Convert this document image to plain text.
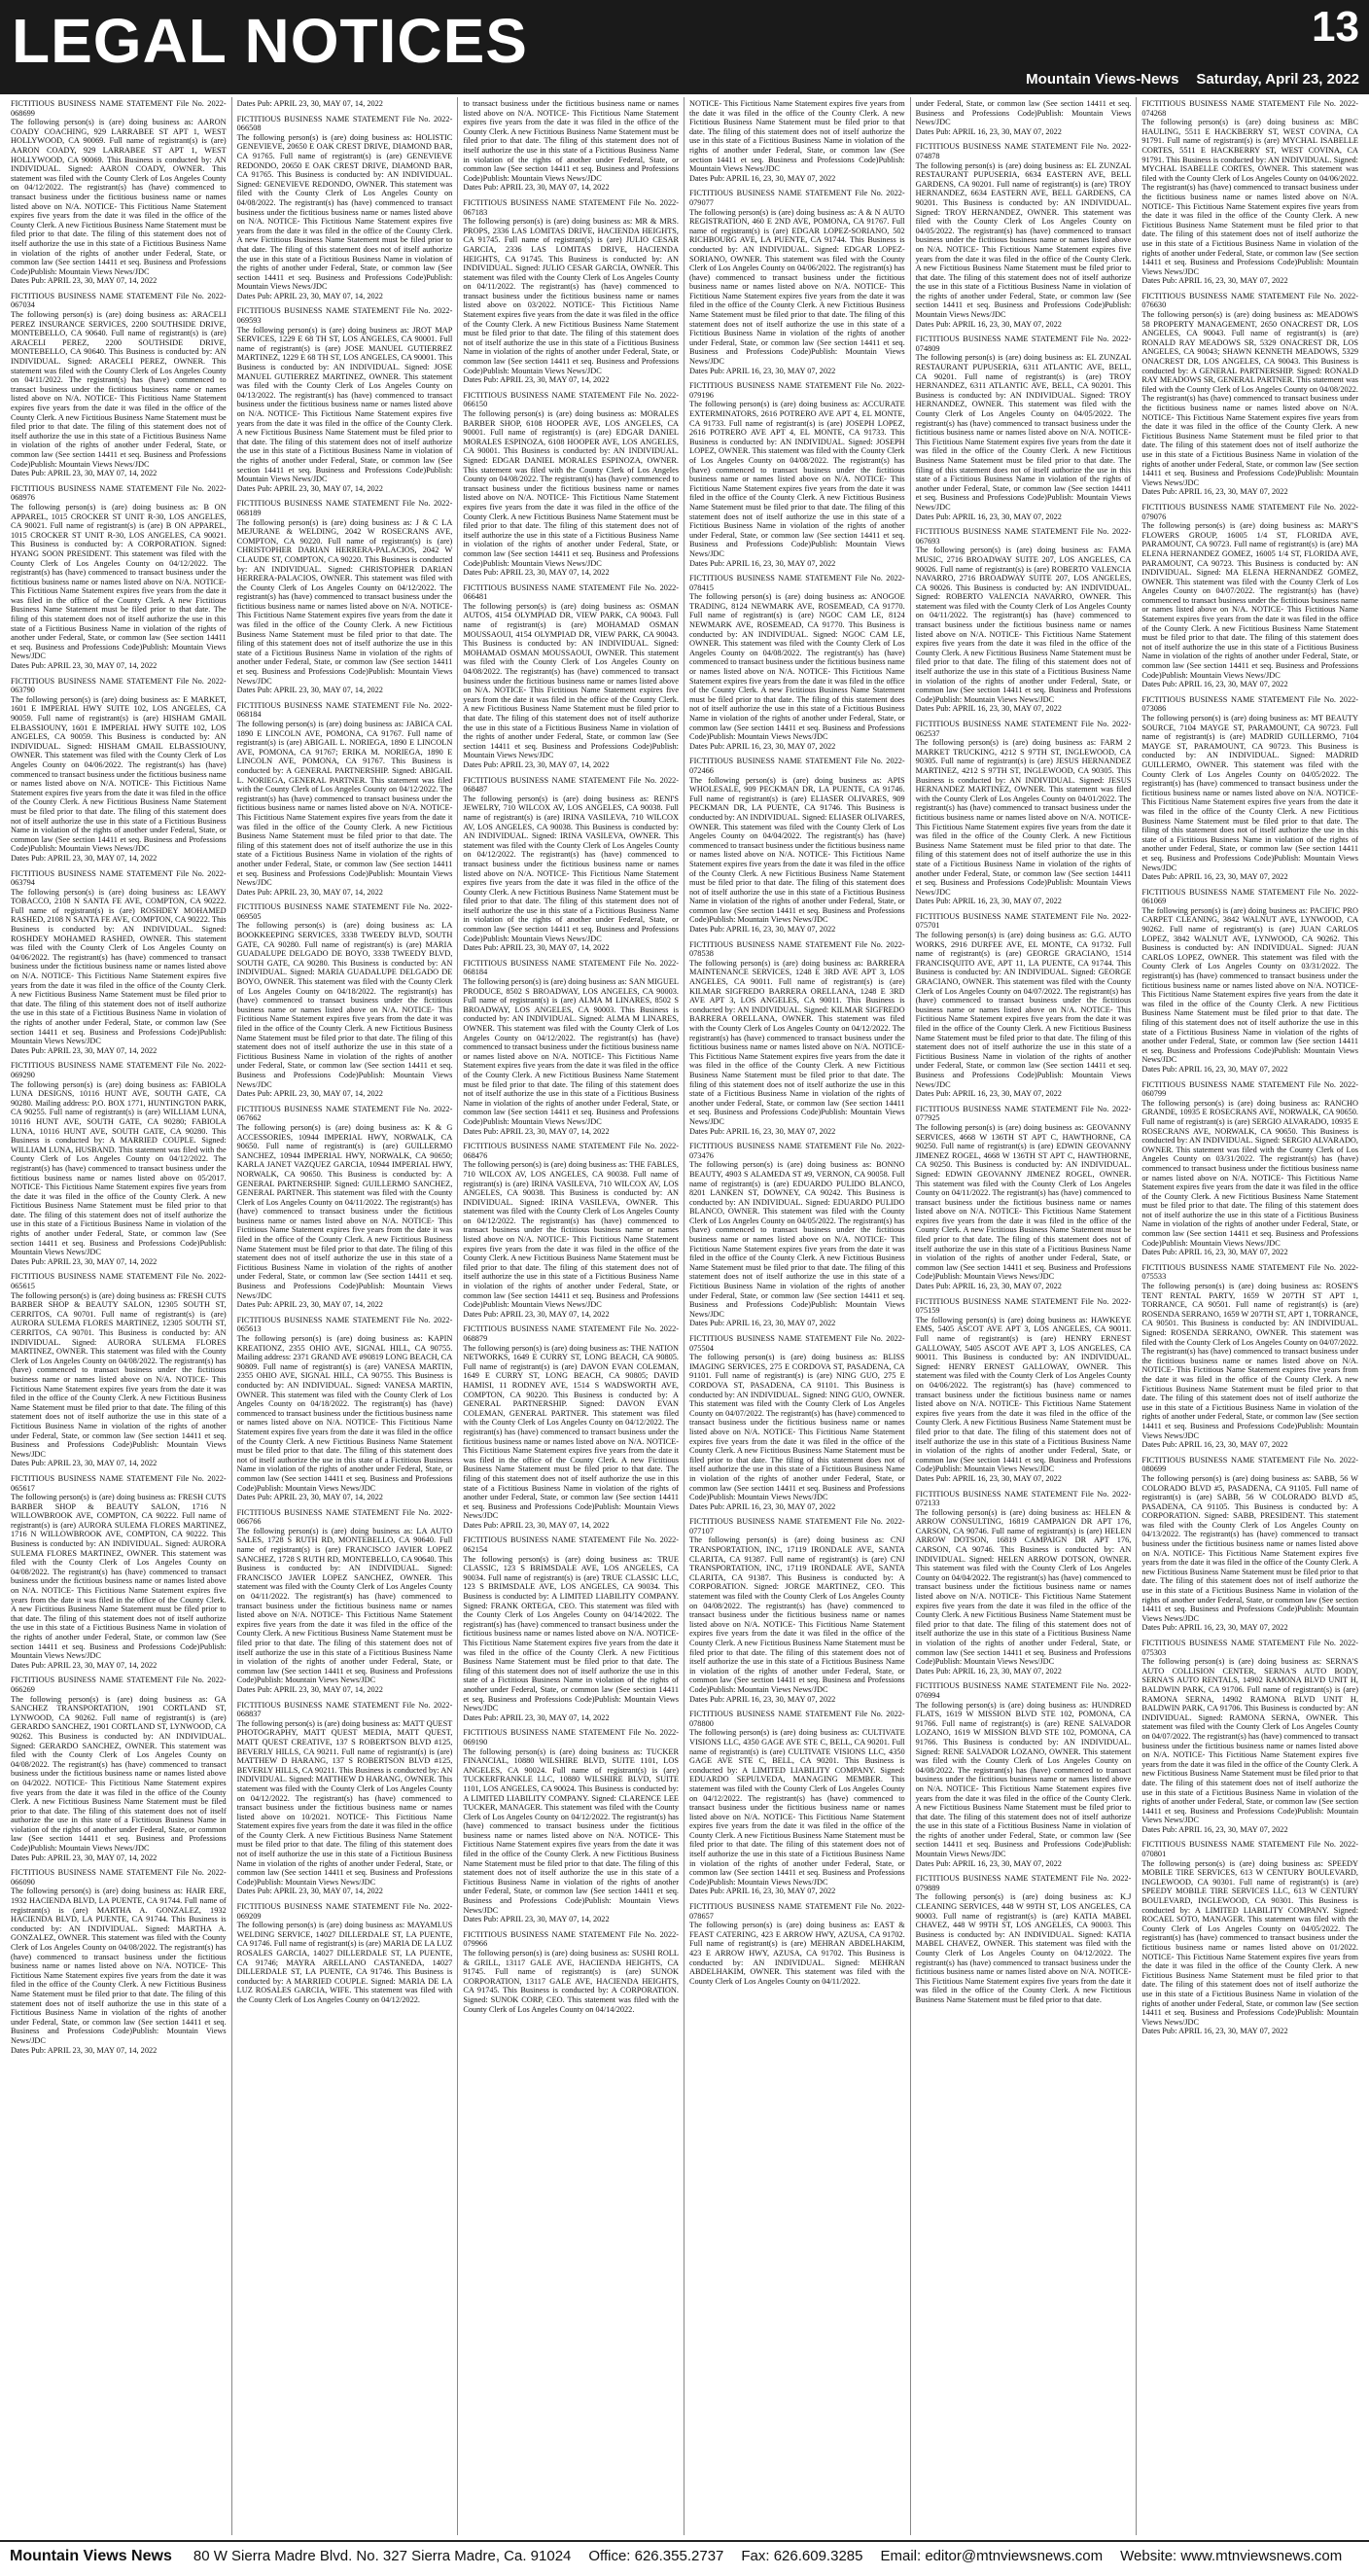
LEGAL NOTICES	13
Mountain Views-News Saturday, April 23, 2022
FICTITIOUS BUSINESS NAME STATEMENT File No. 2022-068699
The following person(s) is (are) doing business as: AARON COADY COACHING, 929 LARRABEE ST APT 1, WEST HOLLYWOOD, CA 90069. Full name of registrant(s) is (are) AARON COADY, 929 LARRABEE ST APT 1, WEST HOLLYWOOD, CA 90069. This Business is conducted by: AN INDIVIDUAL. Signed: AARON COADY, OWNER. This statement was filed with the County Clerk of Los Angeles County on 04/12/2022. The registrant(s) has (have) commenced to transact business under the fictitious business name or names listed above on N/A. NOTICE- This Fictitious Name Statement expires five years from the date it was filed in the office of the County Clerk. A new Fictitious Business Name Statement must be filed prior to that date. The filing of this statement does not of itself authorize the use in this state of a Fictitious Business Name in violation of the rights of another under Federal, State, or common law (See section 14411 et seq. Business and Professions Code)Publish: Mountain Views News/JDC
Dates Pub: APRIL 23, 30, MAY 07, 14, 2022
FICTITIOUS BUSINESS NAME STATEMENT File No. 2022-067034
The following person(s) is (are) doing business as: ARACELI PEREZ INSURANCE SERVICES, 2200 SOUTHSIDE DRIVE, MONTEBELLO, CA 90640. Full name of registrant(s) is (are) ARACELI PEREZ, 2200 SOUTHSIDE DRIVE, MONTEBELLO, CA 90640. This Business is conducted by: AN INDIVIDUAL. Signed: ARACELI PEREZ, OWNER. This statement was filed with the County Clerk of Los Angeles County on 04/11/2022. The registrant(s) has (have) commenced to transact business under the fictitious business name or names listed above on N/A. NOTICE- This Fictitious Name Statement expires five years from the date it was filed in the office of the County Clerk. A new Fictitious Business Name Statement must be filed prior to that date. The filing of this statement does not of itself authorize the use in this state of a Fictitious Business Name in violation of the rights of another under Federal, State, or common law (See section 14411 et seq. Business and Professions Code)Publish: Mountain Views News/JDC
Dates Pub: APRIL 23, 30, MAY 07, 14, 2022
FICTITIOUS BUSINESS NAME STATEMENT File No. 2022-068976
The following person(s) is (are) doing business as: B ON APPAREL, 1015 CROCKER ST UNIT R-30, LOS ANGELES, CA 90021. Full name of registrant(s) is (are) B ON APPAREL, 1015 CROCKER ST UNIT R-30, LOS ANGELES, CA 90021. This Business is conducted by: A CORPORATION. Signed: HYANG SOON PRESIDENT. This statement was filed with the County Clerk of Los Angeles County on 04/12/2022. The registrant(s) has (have) commenced to transact business under the fictitious business name or names listed above on N/A. NOTICE- This Fictitious Name Statement expires five years from the date it was filed in the office of the County Clerk. A new Fictitious Business Name Statement must be filed prior to that date. The filing of this statement does not of itself authorize the use in this state of a Fictitious Business Name in violation of the rights of another under Federal, State, or common law (See section 14411 et seq. Business and Professions Code)Publish: Mountain Views News/JDC
Dates Pub: APRIL 23, 30, MAY 07, 14, 2022
FICTITIOUS BUSINESS NAME STATEMENT File No. 2022-063790
The following person(s) is (are) doing business as: E MARKET, 1601 E IMPERIAL HWY SUITE 102, LOS ANGELES, CA 90059. Full name of registrant(s) is (are) HISHAM GMAIL ELBASSIOUNY, 1601 E IMPERIAL HWY SUITE 102, LOS ANGELES, CA 90059. This Business is conducted by: AN INDIVIDUAL. Signed: HISHAM GMAIL ELBASSIOUNY, OWNER. This statement was filed with the County Clerk of Los Angeles County on 04/06/2022. The registrant(s) has (have) commenced to transact business under the fictitious business name or names listed above on N/A. NOTICE- This Fictitious Name Statement expires five years from the date it was filed in the office of the County Clerk. A new Fictitious Business Name Statement must be filed prior to that date. The filing of this statement does not of itself authorize the use in this state of a Fictitious Business Name in violation of the rights of another under Federal, State, or common law (See section 14411 et seq. Business and Professions Code)Publish: Mountain Views News/JDC
Dates Pub: APRIL 23, 30, MAY 07, 14, 2022
FICTITIOUS BUSINESS NAME STATEMENT File No. 2022-063794
The following person(s) is (are) doing business as: LEAWY TOBACCO, 2108 N SANTA FE AVE, COMPTON, CA 90222. Full name of registrant(s) is (are) ROSHDEY MOHAMED RASHED, 2108 N SANTA FE AVE, COMPTON, CA 90222. This Business is conducted by: AN INDIVIDUAL. Signed: ROSHDEY MOHAMED RASHED, OWNER. This statement was filed with the County Clerk of Los Angeles County on 04/06/2022. The registrant(s) has (have) commenced to transact business under the fictitious business name or names listed above on N/A. NOTICE- This Fictitious Name Statement expires five years from the date it was filed in the office of the County Clerk. A new Fictitious Business Name Statement must be filed prior to that date. The filing of this statement does not of itself authorize the use in this state of a Fictitious Business Name in violation of the rights of another under Federal, State, or common law (See section 14411 et seq. Business and Professions Code)Publish: Mountain Views News/JDC
Dates Pub: APRIL 23, 30, MAY 07, 14, 2022
FICTITIOUS BUSINESS NAME STATEMENT File No. 2022-069290
The following person(s) is (are) doing business as: FABIOLA LUNA DESIGNS, 10116 HUNT AVE, SOUTH GATE, CA 90280. Mailing address: P.O. BOX 1771, HUNTINGTON PARK, CA 90255. Full name of registrant(s) is (are) WILLIAM LUNA, 10116 HUNT AVE, SOUTH GATE, CA 90280; FABIOLA LUNA, 10116 HUNT AVE, SOUTH GATE, CA 90280. This Business is conducted by: A MARRIED COUPLE. Signed: WILLIAM LUNA, HUSBAND. This statement was filed with the County Clerk of Los Angeles County on 04/12/2022. The registrant(s) has (have) commenced to transact business under the fictitious business name or names listed above on 05/2017. NOTICE- This Fictitious Name Statement expires five years from the date it was filed in the office of the County Clerk. A new Fictitious Business Name Statement must be filed prior to that date. The filing of this statement does not of itself authorize the use in this state of a Fictitious Business Name in violation of the rights of another under Federal, State, or common law (See section 14411 et seq. Business and Professions Code)Publish: Mountain Views News/JDC
Dates Pub: APRIL 23, 30, MAY 07, 14, 2022
FICTITIOUS BUSINESS NAME STATEMENT File No. 2022-065615
The following person(s) is (are) doing business as: FRESH CUTS BARBER SHOP & BEAUTY SALON, 12305 SOUTH ST, CERRITOS, CA 90701. Full name of registrant(s) is (are) AURORA SULEMA FLORES MARTINEZ, 12305 SOUTH ST, CERRITOS, CA 90701. This Business is conducted by: AN INDIVIDUAL. Signed: AURORA SULEMA FLORES MARTINEZ, OWNER. This statement was filed with the County Clerk of Los Angeles County on 04/08/2022. The registrant(s) has (have) commenced to transact business under the fictitious business name or names listed above on N/A. NOTICE- This Fictitious Name Statement expires five years from the date it was filed in the office of the County Clerk. A new Fictitious Business Name Statement must be filed prior to that date. The filing of this statement does not of itself authorize the use in this state of a Fictitious Business Name in violation of the rights of another under Federal, State, or common law (See section 14411 et seq. Business and Professions Code)Publish: Mountain Views News/JDC
Dates Pub: APRIL 23, 30, MAY 07, 14, 2022
FICTITIOUS BUSINESS NAME STATEMENT File No. 2022-065617
The following person(s) is (are) doing business as: FRESH CUTS BARBER SHOP & BEAUTY SALON, 1716 N WILLOWBROOK AVE, COMPTON, CA 90222. Full name of registrant(s) is (are) AURORA SULEMA FLORES MARTINEZ, 1716 N WILLOWBROOK AVE, COMPTON, CA 90222. This Business is conducted by: AN INDIVIDUAL. Signed: AURORA SULEMA FLORES MARTINEZ, OWNER. This statement was filed with the County Clerk of Los Angeles County on 04/08/2022. The registrant(s) has (have) commenced to transact business under the fictitious business name or names listed above on N/A. NOTICE- This Fictitious Name Statement expires five years from the date it was filed in the office of the County Clerk. A new Fictitious Business Name Statement must be filed prior to that date. The filing of this statement does not of itself authorize the use in this state of a Fictitious Business Name in violation of the rights of another under Federal, State, or common law (See section 14411 et seq. Business and Professions Code)Publish: Mountain Views News/JDC
Dates Pub: APRIL 23, 30, MAY 07, 14, 2022
FICTITIOUS BUSINESS NAME STATEMENT File No. 2022-066269
The following person(s) is (are) doing business as: GA SANCHEZ TRANSPORTATION, 1901 CORTLAND ST, LYNWOOD, CA 90262. Full name of registrant(s) is (are) GERARDO SANCHEZ, 1901 CORTLAND ST, LYNWOOD, CA 90262. This Business is conducted by: AN INDIVIDUAL. Signed: GERARDO SANCHEZ, OWNER. This statement was filed with the County Clerk of Los Angeles County on 04/08/2022. The registrant(s) has (have) commenced to transact business under the fictitious business name or names listed above on 04/2022. NOTICE- This Fictitious Name Statement expires five years from the date it was filed in the office of the County Clerk. A new Fictitious Business Name Statement must be filed prior to that date. The filing of this statement does not of itself authorize the use in this state of a Fictitious Business Name in violation of the rights of another under Federal, State, or common law (See section 14411 et seq. Business and Professions Code)Publish: Mountain Views News/JDC
Dates Pub: APRIL 23, 30, MAY 07, 14, 2022
FICTITIOUS BUSINESS NAME STATEMENT File No. 2022-066090
The following person(s) is (are) doing business as: HAIR ERE, 1932 HACIENDA BLVD, LA PUENTE, CA 91744. Full name of registrant(s) is (are) MARTHA A. GONZALEZ, 1932 HACIENDA BLVD, LA PUENTE, CA 91744. This Business is conducted by: AN INDIVIDUAL. Signed: MARTHA A. GONZALEZ, OWNER. This statement was filed with the County Clerk of Los Angeles County on 04/08/2022. The registrant(s) has (have) commenced to transact business under the fictitious business name or names listed above on N/A. NOTICE- This Fictitious Name Statement expires five years from the date it was filed in the office of the County Clerk. A new Fictitious Business Name Statement must be filed prior to that date. The filing of this statement does not of itself authorize the use in this state of a Fictitious Business Name in violation of the rights of another under Federal, State, or common law (See section 14411 et seq. Business and Professions Code)Publish: Mountain Views News/JDC
Dates Pub: APRIL 23, 30, MAY 07, 14, 2022
Dates Pub: APRIL 23, 30, MAY 07, 14, 2022
FICTITIOUS BUSINESS NAME STATEMENT File No. 2022-066508
The following person(s) is (are) doing business as: HOLISTIC GENEVIEVE, 20650 E OAK CREST DRIVE, DIAMOND BAR, CA 91765. Full name of registrant(s) is (are) GENEVIEVE REDONDO, 20650 E OAK CREST DRIVE, DIAMOND BAR, CA 91765. This Business is conducted by: AN INDIVIDUAL. Signed: GENEVIEVE REDONDO, OWNER. This statement was filed with the County Clerk of Los Angeles County on 04/08/2022. The registrant(s) has (have) commenced to transact business under the fictitious business name or names listed above on N/A. NOTICE- This Fictitious Name Statement expires five years from the date it was filed in the office of the County Clerk. A new Fictitious Business Name Statement must be filed prior to that date. The filing of this statement does not of itself authorize the use in this state of a Fictitious Business Name in violation of the rights of another under Federal, State, or common law (See section 14411 et seq. Business and Professions Code)Publish: Mountain Views News/JDC
Dates Pub: APRIL 23, 30, MAY 07, 14, 2022
FICTITIOUS BUSINESS NAME STATEMENT File No. 2022-069593
The following person(s) is (are) doing business as: JROT MAP SERVICES, 1229 E 68 TH ST, LOS ANGELES, CA 90001. Full name of registrant(s) is (are) JOSE MANUEL GUTIERREZ MARTINEZ, 1229 E 68 TH ST, LOS ANGELES, CA 90001. This Business is conducted by: AN INDIVIDUAL. Signed: JOSE MANUEL GUTIERREZ MARTINEZ, OWNER. This statement was filed with the County Clerk of Los Angeles County on 04/13/2022. The registrant(s) has (have) commenced to transact business under the fictitious business name or names listed above on N/A. NOTICE- This Fictitious Name Statement expires five years from the date it was filed in the office of the County Clerk. A new Fictitious Business Name Statement must be filed prior to that date. The filing of this statement does not of itself authorize the use in this state of a Fictitious Business Name in violation of the rights of another under Federal, State, or common law (See section 14411 et seq. Business and Professions Code)Publish: Mountain Views News/JDC
Dates Pub: APRIL 23, 30, MAY 07, 14, 2022
FICTITIOUS BUSINESS NAME STATEMENT File No. 2022-068189
The following person(s) is (are) doing business as: J & C LA MEJURANE & WELDING, 2042 W ROSECRANS AVE, COMPTON, CA 90220. Full name of registrant(s) is (are) CHRISTOPHER DARIAN HERRERA-PALACIOS, 2042 W CLAUDE ST, COMPTON, CA 90220. This Business is conducted by: AN INDIVIDUAL. Signed: CHRISTOPHER DARIAN HERRERA-PALACIOS, OWNER. This statement was filed with the County Clerk of Los Angeles County on 04/12/2022. The registrant(s) has (have) commenced to transact business under the fictitious business name or names listed above on N/A. NOTICE- This Fictitious Name Statement expires five years from the date it was filed in the office of the County Clerk. A new Fictitious Business Name Statement must be filed prior to that date. The filing of this statement does not of itself authorize the use in this state of a Fictitious Business Name in violation of the rights of another under Federal, State, or common law (See section 14411 et seq. Business and Professions Code)Publish: Mountain Views News/JDC
Dates Pub: APRIL 23, 30, MAY 07, 14, 2022
FICTITIOUS BUSINESS NAME STATEMENT File No. 2022-068184
The following person(s) is (are) doing business as: JABICA CAL 1890 E LINCOLN AVE, POMONA, CA 91767. Full name of registrant(s) is (are) ABIGAIL L. NORIEGA, 1890 E LINCOLN AVE, POMONA, CA 91767; ERIKA M. NORIEGA, 1890 E LINCOLN AVE, POMONA, CA 91767. This Business is conducted by: A GENERAL PARTNERSHIP. Signed: ABIGAIL L. NORIEGA, GENERAL PARTNER. This statement was filed with the County Clerk of Los Angeles County on 04/12/2022. The registrant(s) has (have) commenced to transact business under the fictitious business name or names listed above on N/A. NOTICE- This Fictitious Name Statement expires five years from the date it was filed in the office of the County Clerk. A new Fictitious Business Name Statement must be filed prior to that date. The filing of this statement does not of itself authorize the use in this state of a Fictitious Business Name in violation of the rights of another under Federal, State, or common law (See section 14411 et seq. Business and Professions Code)Publish: Mountain Views News/JDC
Dates Pub: APRIL 23, 30, MAY 07, 14, 2022
FICTITIOUS BUSINESS NAME STATEMENT File No. 2022-069505
The following person(s) is (are) doing business as: LA BOOKKEEPING SERVICES, 3338 TWEEDY BLVD, SOUTH GATE, CA 90280. Full name of registrant(s) is (are) MARIA GUADALUPE DELGADO DE BOYO, 3338 TWEEDY BLVD, SOUTH GATE, CA 90280. This Business is conducted by: AN INDIVIDUAL. Signed: MARIA GUADALUPE DELGADO DE BOYO, OWNER. This statement was filed with the County Clerk of Los Angeles County on 04/18/2022. The registrant(s) has (have) commenced to transact business under the fictitious business name or names listed above on N/A. NOTICE- This Fictitious Name Statement expires five years from the date it was filed in the office of the County Clerk. A new Fictitious Business Name Statement must be filed prior to that date. The filing of this statement does not of itself authorize the use in this state of a Fictitious Business Name in violation of the rights of another under Federal, State, or common law (See section 14411 et seq. Business and Professions Code)Publish: Mountain Views News/JDC
Dates Pub: APRIL 23, 30, MAY 07, 14, 2022
FICTITIOUS BUSINESS NAME STATEMENT File No. 2022-067662
The following person(s) is (are) doing business as: K & G ACCESSORIES, 10944 IMPERIAL HWY, NORWALK, CA 90650. Full name of registrant(s) is (are) GUILLERMO SANCHEZ, 10944 IMPERIAL HWY, NORWALK, CA 90650; KARLA JANET VAZQUEZ GARCIA, 10944 IMPERIAL HWY, NORWALK, CA 90650. This Business is conducted by: A GENERAL PARTNERSHIP. Signed: GUILLERMO SANCHEZ, GENERAL PARTNER. This statement was filed with the County Clerk of Los Angeles County on 04/11/2022. The registrant(s) has (have) commenced to transact business under the fictitious business name or names listed above on N/A. NOTICE- This Fictitious Name Statement expires five years from the date it was filed in the office of the County Clerk. A new Fictitious Business Name Statement must be filed prior to that date. The filing of this statement does not of itself authorize the use in this state of a Fictitious Business Name in violation of the rights of another under Federal, State, or common law (See section 14411 et seq. Business and Professions Code)Publish: Mountain Views News/JDC
Dates Pub: APRIL 23, 30, MAY 07, 14, 2022
FICTITIOUS BUSINESS NAME STATEMENT File No. 2022-065613
The following person(s) is (are) doing business as: KAPIN KREATIONZ, 2355 OHIO AVE, SIGNAL HILL, CA 90755. Mailing address: 2371 GRAND AVE #90819 LONG BEACH, CA 90809. Full name of registrant(s) is (are) VANESA MARTIN, 2355 OHIO AVE, SIGNAL HILL, CA 90755. This Business is conducted by: AN INDIVIDUAL. Signed: VANESA MARTIN, OWNER. This statement was filed with the County Clerk of Los Angeles County on 04/18/2022. The registrant(s) has (have) commenced to transact business under the fictitious business name or names listed above on N/A. NOTICE- This Fictitious Name Statement expires five years from the date it was filed in the office of the County Clerk. A new Fictitious Business Name Statement must be filed prior to that date. The filing of this statement does not of itself authorize the use in this state of a Fictitious Business Name in violation of the rights of another under Federal, State, or common law (See section 14411 et seq. Business and Professions Code)Publish: Mountain Views News/JDC
Dates Pub: APRIL 23, 30, MAY 07, 14, 2022
FICTITIOUS BUSINESS NAME STATEMENT File No. 2022-066766
The following person(s) is (are) doing business as: LA AUTO SALES, 1728 S RUTH RD, MONTEBELLO, CA 90640. Full name of registrant(s) is (are) FRANCISCO JAVIER LOPEZ SANCHEZ, 1728 S RUTH RD, MONTEBELLO, CA 90640. This Business is conducted by: AN INDIVIDUAL. Signed: FRANCISCO JAVIER LOPEZ SANCHEZ, OWNER. This statement was filed with the County Clerk of Los Angeles County on 04/11/2022. The registrant(s) has (have) commenced to transact business under the fictitious business name or names listed above on N/A. NOTICE- This Fictitious Name Statement expires five years from the date it was filed in the office of the County Clerk. A new Fictitious Business Name Statement must be filed prior to that date. The filing of this statement does not of itself authorize the use in this state of a Fictitious Business Name in violation of the rights of another under Federal, State, or common law (See section 14411 et seq. Business and Professions Code)Publish: Mountain Views News/JDC
Dates Pub: APRIL 23, 30, MAY 07, 14, 2022
FICTITIOUS BUSINESS NAME STATEMENT File No. 2022-068837
The following person(s) is (are) doing business as: MATT QUEST PHOTOGRAPHY, MATT QUEST MEDIA, MATT QUEST, MATT QUEST CREATIVE, 137 S ROBERTSON BLVD #125, BEVERLY HILLS, CA 90211. Full name of registrant(s) is (are) MATTHEW D HARANG, 137 S ROBERTSON BLVD #125, BEVERLY HILLS, CA 90211. This Business is conducted by: AN INDIVIDUAL. Signed: MATTHEW D HARANG, OWNER. This statement was filed with the County Clerk of Los Angeles County on 04/12/2022. The registrant(s) has (have) commenced to transact business under the fictitious business name or names listed above on 10/2021. NOTICE- This Fictitious Name Statement expires five years from the date it was filed in the office of the County Clerk. A new Fictitious Business Name Statement must be filed prior to that date. The filing of this statement does not of itself authorize the use in this state of a Fictitious Business Name in violation of the rights of another under Federal, State, or common law (See section 14411 et seq. Business and Professions Code)Publish: Mountain Views News/JDC
Dates Pub: APRIL 23, 30, MAY 07, 14, 2022
FICTITIOUS BUSINESS NAME STATEMENT File No. 2022-069209
The following person(s) is (are) doing business as: MAYAMI.US WELDING SERVICE, 14027 DILLERDALE ST, LA PUENTE, CA 91746. Full name of registrant(s) is (are) MARIA DE LA LUZ ROSALES GARCIA, 14027 DILLERDALE ST, LA PUENTE, CA 91746; MAYRA ARELLANO CASTANEDA, 14027 DILLERDALE ST, LA PUENTE, CA 91746. This Business is conducted by: A MARRIED COUPLE. Signed: MARIA DE LA LUZ ROSALES GARCIA, WIFE. This statement was filed with the County Clerk of Los Angeles County on 04/12/2022.
to transact business under the fictitious business name or names listed above on N/A. NOTICE- This Fictitious Name Statement expires five years from the date it was filed in the office of the County Clerk. A new Fictitious Business Name Statement must be filed prior to that date. The filing of this statement does not of itself authorize the use in this state of a Fictitious Business Name in violation of the rights of another under Federal, State, or common law (See section 14411 et seq. Business and Professions Code)Publish: Mountain Views News/JDC
Dates Pub: APRIL 23, 30, MAY 07, 14, 2022
FICTITIOUS BUSINESS NAME STATEMENT File No. 2022-067183
The following person(s) is (are) doing business as: MR & MRS. PROPS, 2336 LAS LOMITAS DRIVE, HACIENDA HEIGHTS, CA 91745. Full name of registrant(s) is (are) JULIO CESAR GARCIA, 2336 LAS LOMITAS DRIVE, HACIENDA HEIGHTS, CA 91745. This Business is conducted by: AN INDIVIDUAL. Signed: JULIO CESAR GARCIA, OWNER. This statement was filed with the County Clerk of Los Angeles County on 04/11/2022. The registrant(s) has (have) commenced to transact business under the fictitious business name or names listed above on 03/2022. NOTICE- This Fictitious Name Statement expires five years from the date it was filed in the office of the County Clerk. A new Fictitious Business Name Statement must be filed prior to that date. The filing of this statement does not of itself authorize the use in this state of a Fictitious Business Name in violation of the rights of another under Federal, State, or common law (See section 14411 et seq. Business and Professions Code)Publish: Mountain Views News/JDC
Dates Pub: APRIL 23, 30, MAY 07, 14, 2022
FICTITIOUS BUSINESS NAME STATEMENT File No. 2022-066150
The following person(s) is (are) doing business as: MORALES BARBER SHOP, 6108 HOOPER AVE, LOS ANGELES, CA 90001. Full name of registrant(s) is (are) EDGAR DANIEL MORALES ESPINOZA, 6108 HOOPER AVE, LOS ANGELES, CA 90001. This Business is conducted by: AN INDIVIDUAL. Signed: EDGAR DANIEL MORALES ESPINOZA, OWNER. This statement was filed with the County Clerk of Los Angeles County on 04/08/2022. The registrant(s) has (have) commenced to transact business under the fictitious business name or names listed above on N/A. NOTICE- This Fictitious Name Statement expires five years from the date it was filed in the office of the County Clerk. A new Fictitious Business Name Statement must be filed prior to that date. The filing of this statement does not of itself authorize the use in this state of a Fictitious Business Name in violation of the rights of another under Federal, State, or common law (See section 14411 et seq. Business and Professions Code)Publish: Mountain Views News/JDC
Dates Pub: APRIL 23, 30, MAY 07, 14, 2022
FICTITIOUS BUSINESS NAME STATEMENT File No. 2022-066481
The following person(s) is (are) doing business as: OSMAN AUTOS, 4154 OLYMPIAD DR, VIEW PARK, CA 90043. Full name of registrant(s) is (are) MOHAMAD OSMAN MOUSSAOUI, 4154 OLYMPIAD DR, VIEW PARK, CA 90043. This Business is conducted by: AN INDIVIDUAL. Signed: MOHAMAD OSMAN MOUSSAOUI, OWNER. This statement was filed with the County Clerk of Los Angeles County on 04/08/2022. The registrant(s) has (have) commenced to transact business under the fictitious business name or names listed above on N/A. NOTICE- This Fictitious Name Statement expires five years from the date it was filed in the office of the County Clerk. A new Fictitious Business Name Statement must be filed prior to that date. The filing of this statement does not of itself authorize the use in this state of a Fictitious Business Name in violation of the rights of another under Federal, State, or common law (See section 14411 et seq. Business and Professions Code)Publish: Mountain Views News/JDC
Dates Pub: APRIL 23, 30, MAY 07, 14, 2022
FICTITIOUS BUSINESS NAME STATEMENT File No. 2022-068487
The following person(s) is (are) doing business as: RENI'S JEWELRY, 710 WILCOX AV, LOS ANGELES, CA 90038. Full name of registrant(s) is (are) IRINA VASILEVA, 710 WILCOX AV, LOS ANGELES, CA 90038. This Business is conducted by: AN INDIVIDUAL. Signed: IRINA VASILEVA, OWNER. This statement was filed with the County Clerk of Los Angeles County on 04/12/2022. The registrant(s) has (have) commenced to transact business under the fictitious business name or names listed above on N/A. NOTICE- This Fictitious Name Statement expires five years from the date it was filed in the office of the County Clerk. A new Fictitious Business Name Statement must be filed prior to that date. The filing of this statement does not of itself authorize the use in this state of a Fictitious Business Name in violation of the rights of another under Federal, State, or common law (See section 14411 et seq. Business and Professions Code)Publish: Mountain Views News/JDC
Dates Pub: APRIL 23, 30, MAY 07, 14, 2022
FICTITIOUS BUSINESS NAME STATEMENT File No. 2022-068184
The following person(s) is (are) doing business as: SAN MIGUEL PRODUCE, 8502 S BROADWAY, LOS ANGELES, CA 90003. Full name of registrant(s) is (are) ALMA M LINARES, 8502 S BROADWAY, LOS ANGELES, CA 90003. This Business is conducted by: AN INDIVIDUAL. Signed: ALMA M LINARES, OWNER. This statement was filed with the County Clerk of Los Angeles County on 04/12/2022. The registrant(s) has (have) commenced to transact business under the fictitious business name or names listed above on N/A. NOTICE- This Fictitious Name Statement expires five years from the date it was filed in the office of the County Clerk. A new Fictitious Business Name Statement must be filed prior to that date. The filing of this statement does not of itself authorize the use in this state of a Fictitious Business Name in violation of the rights of another under Federal, State, or common law (See section 14411 et seq. Business and Professions Code)Publish: Mountain Views News/JDC
Dates Pub: APRIL 23, 30, MAY 07, 14, 2022
FICTITIOUS BUSINESS NAME STATEMENT File No. 2022-068476
The following person(s) is (are) doing business as: THE FABLES, 710 WILCOX AV, LOS ANGELES, CA 90038. Full name of registrant(s) is (are) IRINA VASILEVA, 710 WILCOX AV, LOS ANGELES, CA 90038. This Business is conducted by: AN INDIVIDUAL. Signed: IRINA VASILEVA, OWNER. This statement was filed with the County Clerk of Los Angeles County on 04/12/2022. The registrant(s) has (have) commenced to transact business under the fictitious business name or names listed above on N/A. NOTICE- This Fictitious Name Statement expires five years from the date it was filed in the office of the County Clerk. A new Fictitious Business Name Statement must be filed prior to that date. The filing of this statement does not of itself authorize the use in this state of a Fictitious Business Name in violation of the rights of another under Federal, State, or common law (See section 14411 et seq. Business and Professions Code)Publish: Mountain Views News/JDC
Dates Pub: APRIL 23, 30, MAY 07, 14, 2022
FICTITIOUS BUSINESS NAME STATEMENT File No. 2022-068879
The following person(s) is (are) doing business as: THE NATION NETWORKS, 1649 E CURRY ST, LONG BEACH, CA 90805. Full name of registrant(s) is (are) DAVON EVAN COLEMAN, 1649 E CURRY ST, LONG BEACH, CA 90805; DAVID HAMISI, 11 RODNEY AVE, 1514 S WADSWORTH AVE, COMPTON, CA 90220. This Business is conducted by: A GENERAL PARTNERSHIP. Signed: DAVON EVAN COLEMAN, GENERAL PARTNER. This statement was filed with the County Clerk of Los Angeles County on 04/12/2022. The registrant(s) has (have) commenced to transact business under the fictitious business name or names listed above on N/A. NOTICE- This Fictitious Name Statement expires five years from the date it was filed in the office of the County Clerk. A new Fictitious Business Name Statement must be filed prior to that date. The filing of this statement does not of itself authorize the use in this state of a Fictitious Business Name in violation of the rights of another under Federal, State, or common law (See section 14411 et seq. Business and Professions Code)Publish: Mountain Views News/JDC
Dates Pub: APRIL 23, 30, MAY 07, 14, 2022
FICTITIOUS BUSINESS NAME STATEMENT File No. 2022-062154
The following person(s) is (are) doing business as: TRUE CLASSIC, 123 S BRIMSDALE AVE, LOS ANGELES, CA 90034. Full name of registrant(s) is (are) TRUE CLASSIC LLC, 123 S BRIMSDALE AVE, LOS ANGELES, CA 90034. This Business is conducted by: A LIMITED LIABILITY COMPANY. Signed: FRANK ORTEGA, CEO. This statement was filed with the County Clerk of Los Angeles County on 04/14/2022. The registrant(s) has (have) commenced to transact business under the fictitious business name or names listed above on N/A. NOTICE- This Fictitious Name Statement expires five years from the date it was filed in the office of the County Clerk. A new Fictitious Business Name Statement must be filed prior to that date. The filing of this statement does not of itself authorize the use in this state of a Fictitious Business Name in violation of the rights of another under Federal, State, or common law (See section 14411 et seq. Business and Professions Code)Publish: Mountain Views News/JDC
Dates Pub: APRIL 23, 30, MAY 07, 14, 2022
FICTITIOUS BUSINESS NAME STATEMENT File No. 2022-069190
The following person(s) is (are) doing business as: TUCKER FINANCIAL, 10880 WILSHIRE BLVD, SUITE 1101, LOS ANGELES, CA 90024. Full name of registrant(s) is (are) TUCKERFRANKLE LLC, 10880 WILSHIRE BLVD, SUITE 1101, LOS ANGELES, CA 90024. This Business is conducted by: A LIMITED LIABILITY COMPANY. Signed: CLARENCE LEE TUCKER, MANAGER. This statement was filed with the County Clerk of Los Angeles County on 04/12/2022. The registrant(s) has (have) commenced to transact business under the fictitious business name or names listed above on N/A. NOTICE- This Fictitious Name Statement expires five years from the date it was filed in the office of the County Clerk. A new Fictitious Business Name Statement must be filed prior to that date. The filing of this statement does not of itself authorize the use in this state of a Fictitious Business Name in violation of the rights of another under Federal, State, or common law (See section 14411 et seq. Business and Professions Code)Publish: Mountain Views News/JDC
Dates Pub: APRIL 23, 30, MAY 07, 14, 2022
FICTITIOUS BUSINESS NAME STATEMENT File No. 2022-079966
The following person(s) is (are) doing business as: SUSHI ROLL & GRILL, 13117 GALE AVE, HACIENDA HEIGHTS, CA 91745. Full name of registrant(s) is (are) SUNOK CORPORATION, 13117 GALE AVE, HACIENDA HEIGHTS, CA 91745. This Business is conducted by: A CORPORATION. Signed: SUNOK CORP, CEO. This statement was filed with the County Clerk of Los Angeles County on 04/14/2022.
NOTICE- This Fictitious Name Statement expires five years from the date it was filed in the office of the County Clerk. A new Fictitious Business Name Statement must be filed prior to that date. The filing of this statement does not of itself authorize the use in this state of a Fictitious Business Name in violation of the rights of another under Federal, State, or common law (See section 14411 et seq. Business and Professions Code)Publish: Mountain Views News/JDC
Dates Pub: APRIL 16, 23, 30, MAY 07, 2022
FICTITIOUS BUSINESS NAME STATEMENT File No. 2022-079077
The following person(s) is (are) doing business as: A & N AUTO REGISTRATION, 460 E 2ND AVE, POMONA, CA 91767. Full name of registrant(s) is (are) EDGAR LOPEZ-SORIANO, 502 RICHBOURG AVE, LA PUENTE, CA 91744. This Business is conducted by: AN INDIVIDUAL. Signed: EDGAR LOPEZ-SORIANO, OWNER. This statement was filed with the County Clerk of Los Angeles County on 04/06/2022. The registrant(s) has (have) commenced to transact business under the fictitious business name or names listed above on N/A. NOTICE- This Fictitious Name Statement expires five years from the date it was filed in the office of the County Clerk. A new Fictitious Business Name Statement must be filed prior to that date. The filing of this statement does not of itself authorize the use in this state of a Fictitious Business Name in violation of the rights of another under Federal, State, or common law (See section 14411 et seq. Business and Professions Code)Publish: Mountain Views News/JDC
Dates Pub: APRIL 16, 23, 30, MAY 07, 2022
FICTITIOUS BUSINESS NAME STATEMENT File No. 2022-079196
The following person(s) is (are) doing business as: ACCURATE EXTERMINATORS, 2616 POTRERO AVE APT 4, EL MONTE, CA 91733. Full name of registrant(s) is (are) JOSEPH LOPEZ, 2616 POTRERO AVE APT 4, EL MONTE, CA 91733. This Business is conducted by: AN INDIVIDUAL. Signed: JOSEPH LOPEZ, OWNER. This statement was filed with the County Clerk of Los Angeles County on 04/08/2022. The registrant(s) has (have) commenced to transact business under the fictitious business name or names listed above on N/A. NOTICE- This Fictitious Name Statement expires five years from the date it was filed in the office of the County Clerk. A new Fictitious Business Name Statement must be filed prior to that date. The filing of this statement does not of itself authorize the use in this state of a Fictitious Business Name in violation of the rights of another under Federal, State, or common law (See section 14411 et seq. Business and Professions Code)Publish: Mountain Views News/JDC
Dates Pub: APRIL 16, 23, 30, MAY 07, 2022
FICTITIOUS BUSINESS NAME STATEMENT File No. 2022-078415
The following person(s) is (are) doing business as: ANOGOE TRADING, 8124 NEWMARK AVE, ROSEMEAD, CA 91770. Full name of registrant(s) is (are) NGOC CAM LE, 8124 NEWMARK AVE, ROSEMEAD, CA 91770. This Business is conducted by: AN INDIVIDUAL. Signed: NGOC CAM LE, OWNER. This statement was filed with the County Clerk of Los Angeles County on 04/08/2022. The registrant(s) has (have) commenced to transact business under the fictitious business name or names listed above on N/A. NOTICE- This Fictitious Name Statement expires five years from the date it was filed in the office of the County Clerk. A new Fictitious Business Name Statement must be filed prior to that date. The filing of this statement does not of itself authorize the use in this state of a Fictitious Business Name in violation of the rights of another under Federal, State, or common law (See section 14411 et seq. Business and Professions Code)Publish: Mountain Views News/JDC
Dates Pub: APRIL 16, 23, 30, MAY 07, 2022
FICTITIOUS BUSINESS NAME STATEMENT File No. 2022-072466
The following person(s) is (are) doing business as: APIS WHOLESALE, 909 PECKMAN DR, LA PUENTE, CA 91746. Full name of registrant(s) is (are) ELIASER OLIVARES, 909 PECKMAN DR, LA PUENTE, CA 91746. This Business is conducted by: AN INDIVIDUAL. Signed: ELIASER OLIVARES, OWNER. This statement was filed with the County Clerk of Los Angeles County on 04/04/2022. The registrant(s) has (have) commenced to transact business under the fictitious business name or names listed above on N/A. NOTICE- This Fictitious Name Statement expires five years from the date it was filed in the office of the County Clerk. A new Fictitious Business Name Statement must be filed prior to that date. The filing of this statement does not of itself authorize the use in this state of a Fictitious Business Name in violation of the rights of another under Federal, State, or common law (See section 14411 et seq. Business and Professions Code)Publish: Mountain Views News/JDC
Dates Pub: APRIL 16, 23, 30, MAY 07, 2022
FICTITIOUS BUSINESS NAME STATEMENT File No. 2022-078538
The following person(s) is (are) doing business as: BARRERA MAINTENANCE SERVICES, 1248 E 3RD AVE APT 3, LOS ANGELES, CA 90011. Full name of registrant(s) is (are) KILMAR SIGFREDO BARRERA ORELLANA, 1248 E 3RD AVE APT 3, LOS ANGELES, CA 90011. This Business is conducted by: AN INDIVIDUAL. Signed: KILMAR SIGFREDO BARRERA ORELLANA, OWNER. This statement was filed with the County Clerk of Los Angeles County on 04/12/2022. The registrant(s) has (have) commenced to transact business under the fictitious business name or names listed above on N/A. NOTICE- This Fictitious Name Statement expires five years from the date it was filed in the office of the County Clerk. A new Fictitious Business Name Statement must be filed prior to that date. The filing of this statement does not of itself authorize the use in this state of a Fictitious Business Name in violation of the rights of another under Federal, State, or common law (See section 14411 et seq. Business and Professions Code)Publish: Mountain Views News/JDC
Dates Pub: APRIL 16, 23, 30, MAY 07, 2022
FICTITIOUS BUSINESS NAME STATEMENT File No. 2022-073476
The following person(s) is (are) doing business as: BONNO BEAUTY, 4903 S ALAMEDA ST #9, VERNON, CA 90058. Full name of registrant(s) is (are) EDUARDO PULIDO BLANCO, 8201 LANKEN ST, DOWNEY, CA 90242. This Business is conducted by: AN INDIVIDUAL. Signed: EDUARDO PULIDO BLANCO, OWNER. This statement was filed with the County Clerk of Los Angeles County on 04/05/2022. The registrant(s) has (have) commenced to transact business under the fictitious business name or names listed above on N/A. NOTICE- This Fictitious Name Statement expires five years from the date it was filed in the office of the County Clerk. A new Fictitious Business Name Statement must be filed prior to that date. The filing of this statement does not of itself authorize the use in this state of a Fictitious Business Name in violation of the rights of another under Federal, State, or common law (See section 14411 et seq. Business and Professions Code)Publish: Mountain Views News/JDC
Dates Pub: APRIL 16, 23, 30, MAY 07, 2022
FICTITIOUS BUSINESS NAME STATEMENT File No. 2022-075504
The following person(s) is (are) doing business as: BLISS IMAGING SERVICES, 275 E CORDOVA ST, PASADENA, CA 91101. Full name of registrant(s) is (are) NING GUO, 275 E CORDOVA ST, PASADENA, CA 91101. This Business is conducted by: AN INDIVIDUAL. Signed: NING GUO, OWNER. This statement was filed with the County Clerk of Los Angeles County on 04/07/2022. The registrant(s) has (have) commenced to transact business under the fictitious business name or names listed above on N/A. NOTICE- This Fictitious Name Statement expires five years from the date it was filed in the office of the County Clerk. A new Fictitious Business Name Statement must be filed prior to that date. The filing of this statement does not of itself authorize the use in this state of a Fictitious Business Name in violation of the rights of another under Federal, State, or common law (See section 14411 et seq. Business and Professions Code)Publish: Mountain Views News/JDC
Dates Pub: APRIL 16, 23, 30, MAY 07, 2022
FICTITIOUS BUSINESS NAME STATEMENT File No. 2022-077107
The following person(s) is (are) doing business as: CNJ TRANSPORTATION, INC, 17119 IRONDALE AVE, SANTA CLARITA, CA 91387. Full name of registrant(s) is (are) CNJ TRANSPORTATION, INC, 17119 IRONDALE AVE, SANTA CLARITA, CA 91387. This Business is conducted by: A CORPORATION. Signed: JORGE MARTINEZ, CEO. This statement was filed with the County Clerk of Los Angeles County on 04/08/2022. The registrant(s) has (have) commenced to transact business under the fictitious business name or names listed above on N/A. NOTICE- This Fictitious Name Statement expires five years from the date it was filed in the office of the County Clerk. A new Fictitious Business Name Statement must be filed prior to that date. The filing of this statement does not of itself authorize the use in this state of a Fictitious Business Name in violation of the rights of another under Federal, State, or common law (See section 14411 et seq. Business and Professions Code)Publish: Mountain Views News/JDC
Dates Pub: APRIL 16, 23, 30, MAY 07, 2022
FICTITIOUS BUSINESS NAME STATEMENT File No. 2022-078800
The following person(s) is (are) doing business as: CULTIVATE VISIONS LLC, 4350 GAGE AVE STE C, BELL, CA 90201. Full name of registrant(s) is (are) CULTIVATE VISIONS LLC, 4350 GAGE AVE STE C, BELL, CA 90201. This Business is conducted by: A LIMITED LIABILITY COMPANY. Signed: EDUARDO SEPULVEDA, MANAGING MEMBER. This statement was filed with the County Clerk of Los Angeles County on 04/12/2022. The registrant(s) has (have) commenced to transact business under the fictitious business name or names listed above on N/A. NOTICE- This Fictitious Name Statement expires five years from the date it was filed in the office of the County Clerk. A new Fictitious Business Name Statement must be filed prior to that date. The filing of this statement does not of itself authorize the use in this state of a Fictitious Business Name in violation of the rights of another under Federal, State, or common law (See section 14411 et seq. Business and Professions Code)Publish: Mountain Views News/JDC
Dates Pub: APRIL 16, 23, 30, MAY 07, 2022
FICTITIOUS BUSINESS NAME STATEMENT File No. 2022-078657
The following person(s) is (are) doing business as: EAST & FEAST CATERING, 423 E ARROW HWY, AZUSA, CA 91702. Full name of registrant(s) is (are) MEHRAN ABDELHAKIM, 423 E ARROW HWY, AZUSA, CA 91702. This Business is conducted by: AN INDIVIDUAL. Signed: MEHRAN ABDELHAKIM, OWNER. This statement was filed with the County Clerk of Los Angeles County on 04/11/2022.
under Federal, State, or common law (See section 14411 et seq. Business and Professions Code)Publish: Mountain Views News/JDC
Dates Pub: APRIL 16, 23, 30, MAY 07, 2022
FICTITIOUS BUSINESS NAME STATEMENT File No. 2022-074878
The following person(s) is (are) doing business as: EL ZUNZAL RESTAURANT PUPUSERIA, 6634 EASTERN AVE, BELL GARDENS, CA 90201. Full name of registrant(s) is (are) TROY HERNANDEZ, 6634 EASTERN AVE, BELL GARDENS, CA 90201. This Business is conducted by: AN INDIVIDUAL. Signed: TROY HERNANDEZ, OWNER. This statement was filed with the County Clerk of Los Angeles County on 04/05/2022. The registrant(s) has (have) commenced to transact business under the fictitious business name or names listed above on N/A. NOTICE- This Fictitious Name Statement expires five years from the date it was filed in the office of the County Clerk. A new Fictitious Business Name Statement must be filed prior to that date. The filing of this statement does not of itself authorize the use in this state of a Fictitious Business Name in violation of the rights of another under Federal, State, or common law (See section 14411 et seq. Business and Professions Code)Publish: Mountain Views News/JDC
Dates Pub: APRIL 16, 23, 30, MAY 07, 2022
FICTITIOUS BUSINESS NAME STATEMENT File No. 2022-074809
The following person(s) is (are) doing business as: EL ZUNZAL RESTAURANT PUPUSERIA, 6311 ATLANTIC AVE, BELL, CA 90201. Full name of registrant(s) is (are) TROY HERNANDEZ, 6311 ATLANTIC AVE, BELL, CA 90201. This Business is conducted by: AN INDIVIDUAL. Signed: TROY HERNANDEZ, OWNER. This statement was filed with the County Clerk of Los Angeles County on 04/05/2022. The registrant(s) has (have) commenced to transact business under the fictitious business name or names listed above on N/A. NOTICE- This Fictitious Name Statement expires five years from the date it was filed in the office of the County Clerk. A new Fictitious Business Name Statement must be filed prior to that date. The filing of this statement does not of itself authorize the use in this state of a Fictitious Business Name in violation of the rights of another under Federal, State, or common law (See section 14411 et seq. Business and Professions Code)Publish: Mountain Views News/JDC
Dates Pub: APRIL 16, 23, 30, MAY 07, 2022
FICTITIOUS BUSINESS NAME STATEMENT File No. 2022-067693
The following person(s) is (are) doing business as: FAMA MUSIC, 2716 BROADWAY SUITE 207, LOS ANGELES, CA 90026. Full name of registrant(s) is (are) ROBERTO VALENCIA NAVARRO, 2716 BROADWAY SUITE 207, LOS ANGELES, CA 90026. This Business is conducted by: AN INDIVIDUAL. Signed: ROBERTO VALENCIA NAVARRO, OWNER. This statement was filed with the County Clerk of Los Angeles County on 04/11/2022. The registrant(s) has (have) commenced to transact business under the fictitious business name or names listed above on N/A. NOTICE- This Fictitious Name Statement expires five years from the date it was filed in the office of the County Clerk. A new Fictitious Business Name Statement must be filed prior to that date. The filing of this statement does not of itself authorize the use in this state of a Fictitious Business Name in violation of the rights of another under Federal, State, or common law (See section 14411 et seq. Business and Professions Code)Publish: Mountain Views News/JDC
Dates Pub: APRIL 16, 23, 30, MAY 07, 2022
FICTITIOUS BUSINESS NAME STATEMENT File No. 2022-062537
The following person(s) is (are) doing business as: FARM 2 MARKET TRUCKING, 4212 S 97TH ST, INGLEWOOD, CA 90305. Full name of registrant(s) is (are) JESUS HERNANDEZ MARTINEZ, 4212 S 97TH ST, INGLEWOOD, CA 90305. This Business is conducted by: AN INDIVIDUAL. Signed: JESUS HERNANDEZ MARTINEZ, OWNER. This statement was filed with the County Clerk of Los Angeles County on 04/01/2022. The registrant(s) has (have) commenced to transact business under the fictitious business name or names listed above on N/A. NOTICE- This Fictitious Name Statement expires five years from the date it was filed in the office of the County Clerk. A new Fictitious Business Name Statement must be filed prior to that date. The filing of this statement does not of itself authorize the use in this state of a Fictitious Business Name in violation of the rights of another under Federal, State, or common law (See section 14411 et seq. Business and Professions Code)Publish: Mountain Views News/JDC
Dates Pub: APRIL 16, 23, 30, MAY 07, 2022
FICTITIOUS BUSINESS NAME STATEMENT File No. 2022-075701
The following person(s) is (are) doing business as: G.G. AUTO WORKS, 2916 DURFEE AVE, EL MONTE, CA 91732. Full name of registrant(s) is (are) GEORGE GRACIANO, 1514 FRANCISQUITO AVE, APT 11, LA PUENTE, CA 91744. This Business is conducted by: AN INDIVIDUAL. Signed: GEORGE GRACIANO, OWNER. This statement was filed with the County Clerk of Los Angeles County on 04/07/2022. The registrant(s) has (have) commenced to transact business under the fictitious business name or names listed above on N/A. NOTICE- This Fictitious Name Statement expires five years from the date it was filed in the office of the County Clerk. A new Fictitious Business Name Statement must be filed prior to that date. The filing of this statement does not of itself authorize the use in this state of a Fictitious Business Name in violation of the rights of another under Federal, State, or common law (See section 14411 et seq. Business and Professions Code)Publish: Mountain Views News/JDC
Dates Pub: APRIL 16, 23, 30, MAY 07, 2022
FICTITIOUS BUSINESS NAME STATEMENT File No. 2022-077925
The following person(s) is (are) doing business as: GEOVANNY SERVICES, 4668 W 136TH ST APT C, HAWTHORNE, CA 90250. Full name of registrant(s) is (are) EDWIN GEOVANNY JIMENEZ ROGEL, 4668 W 136TH ST APT C, HAWTHORNE, CA 90250. This Business is conducted by: AN INDIVIDUAL. Signed: EDWIN GEOVANNY JIMENEZ ROGEL, OWNER. This statement was filed with the County Clerk of Los Angeles County on 04/11/2022. The registrant(s) has (have) commenced to transact business under the fictitious business name or names listed above on N/A. NOTICE- This Fictitious Name Statement expires five years from the date it was filed in the office of the County Clerk. A new Fictitious Business Name Statement must be filed prior to that date. The filing of this statement does not of itself authorize the use in this state of a Fictitious Business Name in violation of the rights of another under Federal, State, or common law (See section 14411 et seq. Business and Professions Code)Publish: Mountain Views News/JDC
Dates Pub: APRIL 16, 23, 30, MAY 07, 2022
FICTITIOUS BUSINESS NAME STATEMENT File No. 2022-075159
The following person(s) is (are) doing business as: HAWKEYE EMS, 5405 ASCOT AVE APT 3, LOS ANGELES, CA 90011. Full name of registrant(s) is (are) HENRY ERNEST GALLOWAY, 5405 ASCOT AVE APT 3, LOS ANGELES, CA 90011. This Business is conducted by: AN INDIVIDUAL. Signed: HENRY ERNEST GALLOWAY, OWNER. This statement was filed with the County Clerk of Los Angeles County on 04/06/2022. The registrant(s) has (have) commenced to transact business under the fictitious business name or names listed above on N/A. NOTICE- This Fictitious Name Statement expires five years from the date it was filed in the office of the County Clerk. A new Fictitious Business Name Statement must be filed prior to that date. The filing of this statement does not of itself authorize the use in this state of a Fictitious Business Name in violation of the rights of another under Federal, State, or common law (See section 14411 et seq. Business and Professions Code)Publish: Mountain Views News/JDC
Dates Pub: APRIL 16, 23, 30, MAY 07, 2022
FICTITIOUS BUSINESS NAME STATEMENT File No. 2022-072133
The following person(s) is (are) doing business as: HELEN & ARROW CONSULTING, 16819 CAMPAIGN DR APT 176, CARSON, CA 90746. Full name of registrant(s) is (are) HELEN ARROW DOTSON, 16819 CAMPAIGN DR APT 176, CARSON, CA 90746. This Business is conducted by: AN INDIVIDUAL. Signed: HELEN ARROW DOTSON, OWNER. This statement was filed with the County Clerk of Los Angeles County on 04/04/2022. The registrant(s) has (have) commenced to transact business under the fictitious business name or names listed above on N/A. NOTICE- This Fictitious Name Statement expires five years from the date it was filed in the office of the County Clerk. A new Fictitious Business Name Statement must be filed prior to that date. The filing of this statement does not of itself authorize the use in this state of a Fictitious Business Name in violation of the rights of another under Federal, State, or common law (See section 14411 et seq. Business and Professions Code)Publish: Mountain Views News/JDC
Dates Pub: APRIL 16, 23, 30, MAY 07, 2022
FICTITIOUS BUSINESS NAME STATEMENT File No. 2022-076994
The following person(s) is (are) doing business as: HUNDRED FLATS, 1619 W MISSION BLVD STE 102, POMONA, CA 91766. Full name of registrant(s) is (are) RENE SALVADOR LOZANO, 1619 W MISSION BLVD STE 102, POMONA, CA 91766. This Business is conducted by: AN INDIVIDUAL. Signed: RENE SALVADOR LOZANO, OWNER. This statement was filed with the County Clerk of Los Angeles County on 04/08/2022. The registrant(s) has (have) commenced to transact business under the fictitious business name or names listed above on N/A. NOTICE- This Fictitious Name Statement expires five years from the date it was filed in the office of the County Clerk. A new Fictitious Business Name Statement must be filed prior to that date. The filing of this statement does not of itself authorize the use in this state of a Fictitious Business Name in violation of the rights of another under Federal, State, or common law (See section 14411 et seq. Business and Professions Code)Publish: Mountain Views News/JDC
Dates Pub: APRIL 16, 23, 30, MAY 07, 2022
FICTITIOUS BUSINESS NAME STATEMENT File No. 2022-079889
The following person(s) is (are) doing business as: K.J CLEANING SERVICES, 448 W 99TH ST, LOS ANGELES, CA 90003. Full name of registrant(s) is (are) KATIA MABEL CHAVEZ, 448 W 99TH ST, LOS ANGELES, CA 90003. This Business is conducted by: AN INDIVIDUAL. Signed: KATIA MABEL CHAVEZ, OWNER. This statement was filed with the County Clerk of Los Angeles County on 04/12/2022. The registrant(s) has (have) commenced to transact business under the fictitious business name or names listed above on N/A. NOTICE- This Fictitious Name Statement expires five years from the date it was filed in the office of the County Clerk. A new Fictitious Business Name Statement must be filed prior to that date.
FICTITIOUS BUSINESS NAME STATEMENT File No. 2022-074268
The following person(s) is (are) doing business as: MBC HAULING, 5511 E HACKBERRY ST, WEST COVINA, CA 91791. Full name of registrant(s) is (are) MYCHAL ISABELLE CORTES, 5511 E HACKBERRY ST, WEST COVINA, CA 91791. This Business is conducted by: AN INDIVIDUAL. Signed: MYCHAL ISABELLE CORTES, OWNER. This statement was filed with the County Clerk of Los Angeles County on 04/06/2022. The registrant(s) has (have) commenced to transact business under the fictitious business name or names listed above on N/A. NOTICE- This Fictitious Name Statement expires five years from the date it was filed in the office of the County Clerk. A new Fictitious Business Name Statement must be filed prior to that date. The filing of this statement does not of itself authorize the use in this state of a Fictitious Business Name in violation of the rights of another under Federal, State, or common law (See section 14411 et seq. Business and Professions Code)Publish: Mountain Views News/JDC
Dates Pub: APRIL 16, 23, 30, MAY 07, 2022
FICTITIOUS BUSINESS NAME STATEMENT File No. 2022-076630
The following person(s) is (are) doing business as: MEADOWS 58 PROPERTY MANAGEMENT, 2650 ONACREST DR, LOS ANGELES, CA 90043. Full name of registrant(s) is (are) RONALD RAY MEADOWS SR, 5329 ONACREST DR, LOS ANGELES, CA 90043; SHAWN KENNETH MEADOWS, 5329 ONACREST DR, LOS ANGELES, CA 90043. This Business is conducted by: A GENERAL PARTNERSHIP. Signed: RONALD RAY MEADOWS SR, GENERAL PARTNER. This statement was filed with the County Clerk of Los Angeles County on 04/08/2022. The registrant(s) has (have) commenced to transact business under the fictitious business name or names listed above on N/A. NOTICE- This Fictitious Name Statement expires five years from the date it was filed in the office of the County Clerk. A new Fictitious Business Name Statement must be filed prior to that date. The filing of this statement does not of itself authorize the use in this state of a Fictitious Business Name in violation of the rights of another under Federal, State, or common law (See section 14411 et seq. Business and Professions Code)Publish: Mountain Views News/JDC
Dates Pub: APRIL 16, 23, 30, MAY 07, 2022
FICTITIOUS BUSINESS NAME STATEMENT File No. 2022-079076
The following person(s) is (are) doing business as: MARY'S FLOWERS GROUP, 16005 1/4 ST, FLORIDA AVE, PARAMOUNT, CA 90723. Full name of registrant(s) is (are) MA ELENA HERNANDEZ GOMEZ, 16005 1/4 ST, FLORIDA AVE, PARAMOUNT, CA 90723. This Business is conducted by: AN INDIVIDUAL. Signed: MA ELENA HERNANDEZ GOMEZ, OWNER. This statement was filed with the County Clerk of Los Angeles County on 04/07/2022. The registrant(s) has (have) commenced to transact business under the fictitious business name or names listed above on N/A. NOTICE- This Fictitious Name Statement expires five years from the date it was filed in the office of the County Clerk. A new Fictitious Business Name Statement must be filed prior to that date. The filing of this statement does not of itself authorize the use in this state of a Fictitious Business Name in violation of the rights of another under Federal, State, or common law (See section 14411 et seq. Business and Professions Code)Publish: Mountain Views News/JDC
Dates Pub: APRIL 16, 23, 30, MAY 07, 2022
FICTITIOUS BUSINESS NAME STATEMENT File No. 2022-073086
The following person(s) is (are) doing business as: MT BEAUTY SOURCE, 7104 MAYGE ST, PARAMOUNT, CA 90723. Full name of registrant(s) is (are) MADRID GUILLERMO, 7104 MAYGE ST, PARAMOUNT, CA 90723. This Business is conducted by: AN INDIVIDUAL. Signed: MADRID GUILLERMO, OWNER. This statement was filed with the County Clerk of Los Angeles County on 04/05/2022. The registrant(s) has (have) commenced to transact business under the fictitious business name or names listed above on N/A. NOTICE- This Fictitious Name Statement expires five years from the date it was filed in the office of the County Clerk. A new Fictitious Business Name Statement must be filed prior to that date. The filing of this statement does not of itself authorize the use in this state of a Fictitious Business Name in violation of the rights of another under Federal, State, or common law (See section 14411 et seq. Business and Professions Code)Publish: Mountain Views News/JDC
Dates Pub: APRIL 16, 23, 30, MAY 07, 2022
FICTITIOUS BUSINESS NAME STATEMENT File No. 2022-061069
The following person(s) is (are) doing business as: PACIFIC PRO CARPET CLEANING, 3842 WALNUT AVE, LYNWOOD, CA 90262. Full name of registrant(s) is (are) JUAN CARLOS LOPEZ, 3842 WALNUT AVE, LYNWOOD, CA 90262. This Business is conducted by: AN INDIVIDUAL. Signed: JUAN CARLOS LOPEZ, OWNER. This statement was filed with the County Clerk of Los Angeles County on 03/31/2022. The registrant(s) has (have) commenced to transact business under the fictitious business name or names listed above on N/A. NOTICE- This Fictitious Name Statement expires five years from the date it was filed in the office of the County Clerk. A new Fictitious Business Name Statement must be filed prior to that date. The filing of this statement does not of itself authorize the use in this state of a Fictitious Business Name in violation of the rights of another under Federal, State, or common law (See section 14411 et seq. Business and Professions Code)Publish: Mountain Views News/JDC
Dates Pub: APRIL 16, 23, 30, MAY 07, 2022
FICTITIOUS BUSINESS NAME STATEMENT File No. 2022-060799
The following person(s) is (are) doing business as: RANCHO GRANDE, 10935 E ROSECRANS AVE, NORWALK, CA 90650. Full name of registrant(s) is (are) SERGIO ALVARADO, 10935 E ROSECRANS AVE, NORWALK, CA 90650. This Business is conducted by: AN INDIVIDUAL. Signed: SERGIO ALVARADO, OWNER. This statement was filed with the County Clerk of Los Angeles County on 03/31/2022. The registrant(s) has (have) commenced to transact business under the fictitious business name or names listed above on N/A. NOTICE- This Fictitious Name Statement expires five years from the date it was filed in the office of the County Clerk. A new Fictitious Business Name Statement must be filed prior to that date. The filing of this statement does not of itself authorize the use in this state of a Fictitious Business Name in violation of the rights of another under Federal, State, or common law (See section 14411 et seq. Business and Professions Code)Publish: Mountain Views News/JDC
Dates Pub: APRIL 16, 23, 30, MAY 07, 2022
FICTITIOUS BUSINESS NAME STATEMENT File No. 2022-075533
The following person(s) is (are) doing business as: ROSEN'S TENT RENTAL PARTY, 1659 W 207TH ST APT 1, TORRANCE, CA 90501. Full name of registrant(s) is (are) ROSENDA SERRANO, 1659 W 207TH ST, APT 1, TORRANCE, CA 90501. This Business is conducted by: AN INDIVIDUAL. Signed: ROSENDA SERRANO, OWNER. This statement was filed with the County Clerk of Los Angeles County on 04/07/2022. The registrant(s) has (have) commenced to transact business under the fictitious business name or names listed above on N/A. NOTICE- This Fictitious Name Statement expires five years from the date it was filed in the office of the County Clerk. A new Fictitious Business Name Statement must be filed prior to that date. The filing of this statement does not of itself authorize the use in this state of a Fictitious Business Name in violation of the rights of another under Federal, State, or common law (See section 14411 et seq. Business and Professions Code)Publish: Mountain Views News/JDC
Dates Pub: APRIL 16, 23, 30, MAY 07, 2022
FICTITIOUS BUSINESS NAME STATEMENT File No. 2022-080699
The following person(s) is (are) doing business as: SABB, 56 W COLORADO BLVD #5, PASADENA, CA 91105. Full name of registrant(s) is (are) SABB, 56 W COLORADO BLVD #5, PASADENA, CA 91105. This Business is conducted by: A CORPORATION. Signed: SABB, PRESIDENT. This statement was filed with the County Clerk of Los Angeles County on 04/13/2022. The registrant(s) has (have) commenced to transact business under the fictitious business name or names listed above on N/A. NOTICE- This Fictitious Name Statement expires five years from the date it was filed in the office of the County Clerk. A new Fictitious Business Name Statement must be filed prior to that date. The filing of this statement does not of itself authorize the use in this state of a Fictitious Business Name in violation of the rights of another under Federal, State, or common law (See section 14411 et seq. Business and Professions Code)Publish: Mountain Views News/JDC
Dates Pub: APRIL 16, 23, 30, MAY 07, 2022
FICTITIOUS BUSINESS NAME STATEMENT File No. 2022-075303
The following person(s) is (are) doing business as: SERNA'S AUTO COLLISION CENTER, SERNA'S AUTO BODY, SERNA'S AUTO RENTALS, 14902 RAMONA BLVD UNIT H, BALDWIN PARK, CA 91706. Full name of registrant(s) is (are) RAMONA SERNA, 14902 RAMONA BLVD UNIT H, BALDWIN PARK, CA 91706. This Business is conducted by: AN INDIVIDUAL. Signed: RAMONA SERNA, OWNER. This statement was filed with the County Clerk of Los Angeles County on 04/07/2022. The registrant(s) has (have) commenced to transact business under the fictitious business name or names listed above on N/A. NOTICE- This Fictitious Name Statement expires five years from the date it was filed in the office of the County Clerk. A new Fictitious Business Name Statement must be filed prior to that date. The filing of this statement does not of itself authorize the use in this state of a Fictitious Business Name in violation of the rights of another under Federal, State, or common law (See section 14411 et seq. Business and Professions Code)Publish: Mountain Views News/JDC
Dates Pub: APRIL 16, 23, 30, MAY 07, 2022
FICTITIOUS BUSINESS NAME STATEMENT File No. 2022-070801
The following person(s) is (are) doing business as: SPEEDY MOBILE TIRE SERVICES, 613 W CENTURY BOULEVARD, INGLEWOOD, CA 90301. Full name of registrant(s) is (are) SPEEDY MOBILE TIRE SERVICES LLC, 613 W CENTURY BOULEVARD, INGLEWOOD, CA 90301. This Business is conducted by: A LIMITED LIABILITY COMPANY. Signed: ROCAEL SOTO, MANAGER. This statement was filed with the County Clerk of Los Angeles County on 04/05/2022. The registrant(s) has (have) commenced to transact business under the fictitious business name or names listed above on 01/2022. NOTICE- This Fictitious Name Statement expires five years from the date it was filed in the office of the County Clerk. A new Fictitious Business Name Statement must be filed prior to that date. The filing of this statement does not of itself authorize the use in this state of a Fictitious Business Name in violation of the rights of another under Federal, State, or common law (See section 14411 et seq. Business and Professions Code)Publish: Mountain Views News/JDC
Dates Pub: APRIL 16, 23, 30, MAY 07, 2022
Mountain Views News 80 W Sierra Madre Blvd. No. 327 Sierra Madre, Ca. 91024 Office: 626.355.2737 Fax: 626.609.3285 Email: editor@mtnviewsnews.com Website: www.mtnviewsnews.com
